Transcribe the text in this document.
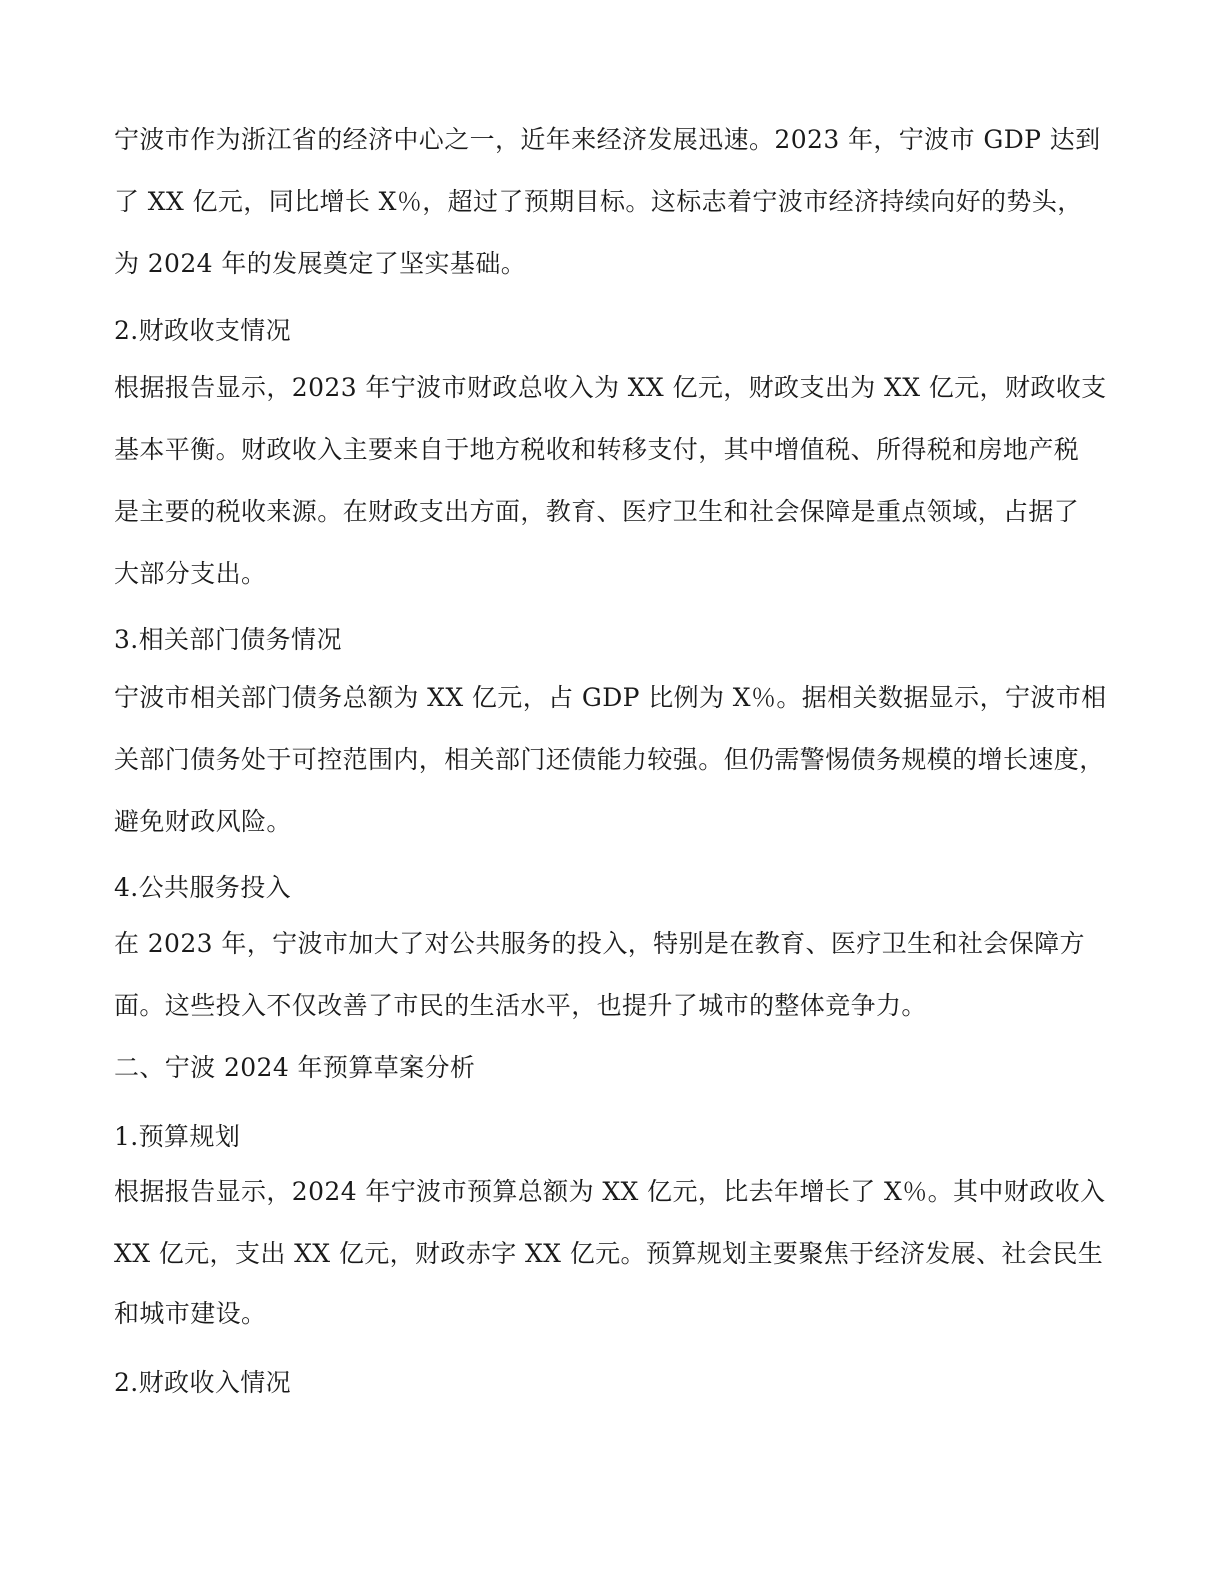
宁波市作为浙江省的经济中心之一，近年来经济发展迅速。2023 年，宁波市 GDP 达到

了 XX 亿元，同比增长 X％，超过了预期目标。这标志着宁波市经济持续向好的势头，

为 2024 年的发展奠定了坚实基础。

2.财政收支情况

根据报告显示，2023 年宁波市财政总收入为 XX 亿元，财政支出为 XX 亿元，财政收支

基本平衡。财政收入主要来自于地方税收和转移支付，其中增值税、所得税和房地产税

是主要的税收来源。在财政支出方面，教育、医疗卫生和社会保障是重点领域，占据了

大部分支出。

3.相关部门债务情况

宁波市相关部门债务总额为 XX 亿元，占 GDP 比例为 X％。据相关数据显示，宁波市相

关部门债务处于可控范围内，相关部门还债能力较强。但仍需警惕债务规模的增长速度，

避免财政风险。

4.公共服务投入

在 2023 年，宁波市加大了对公共服务的投入，特别是在教育、医疗卫生和社会保障方

面。这些投入不仅改善了市民的生活水平，也提升了城市的整体竞争力。

二、宁波 2024 年预算草案分析

1.预算规划

根据报告显示，2024 年宁波市预算总额为 XX 亿元，比去年增长了 X％。其中财政收入

XX 亿元，支出 XX 亿元，财政赤字 XX 亿元。预算规划主要聚焦于经济发展、社会民生

和城市建设。

2.财政收入情况
